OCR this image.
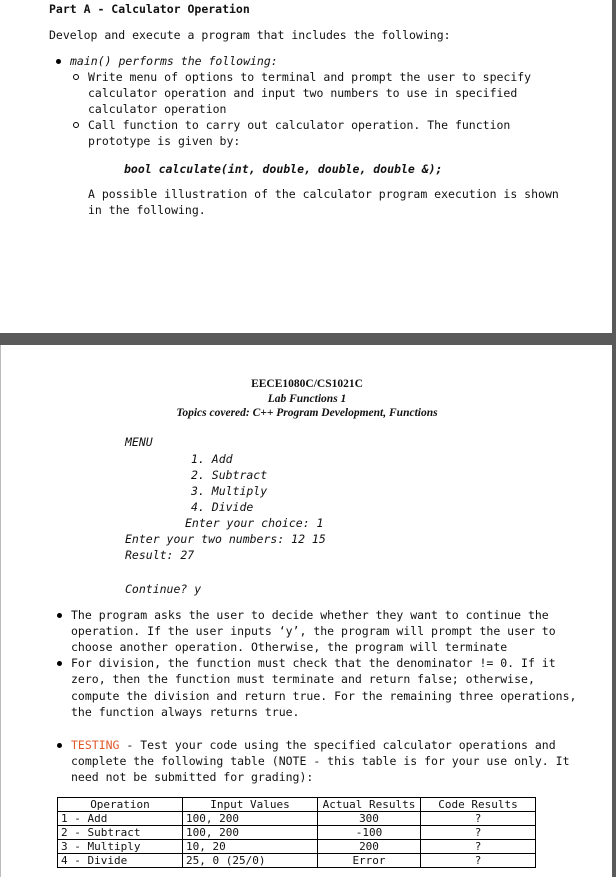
Part A - Calculator Operation

Develop and execute a program that includes the following:

main() performs the following:

Write menu of options to terminal and prompt the user to specify

calculator operation and input two numbers to use in specified

calculator operation

Call function to carry out calculator operation. The function

prototype is given by:

bool calculate(int, double, double, double &);

A possible illustration of the calculator program execution is shown

in the following.

EECE1080C/CS1021C

Lab Functions 1

Topics covered: C++ Program Development, Functions

MENU

1. Add

2. Subtract

3. Multiply

4. Divide

Enter your choice: 1

Enter your two numbers: 12 15

Result: 27

Continue? y

The program asks the user to decide whether they want to continue the

operation. If the user inputs ‘y’, the program will prompt the user to

choose another operation. Otherwise, the program will terminate

For division, the function must check that the denominator != 0. If it

zero, then the function must terminate and return false; otherwise,

compute the division and return true. For the remaining three operations,

the function always returns true.

TESTING - Test your code using the specified calculator operations and

complete the following table (NOTE - this table is for your use only. It

need not be submitted for grading):

Operation	Input Values	Actual Results	Code Results
1 - Add	100, 200	300	?
2 - Subtract	100, 200	-100	?
3 - Multiply	10, 20	200	?
4 - Divide	25, 0 (25/0)	Error	?
